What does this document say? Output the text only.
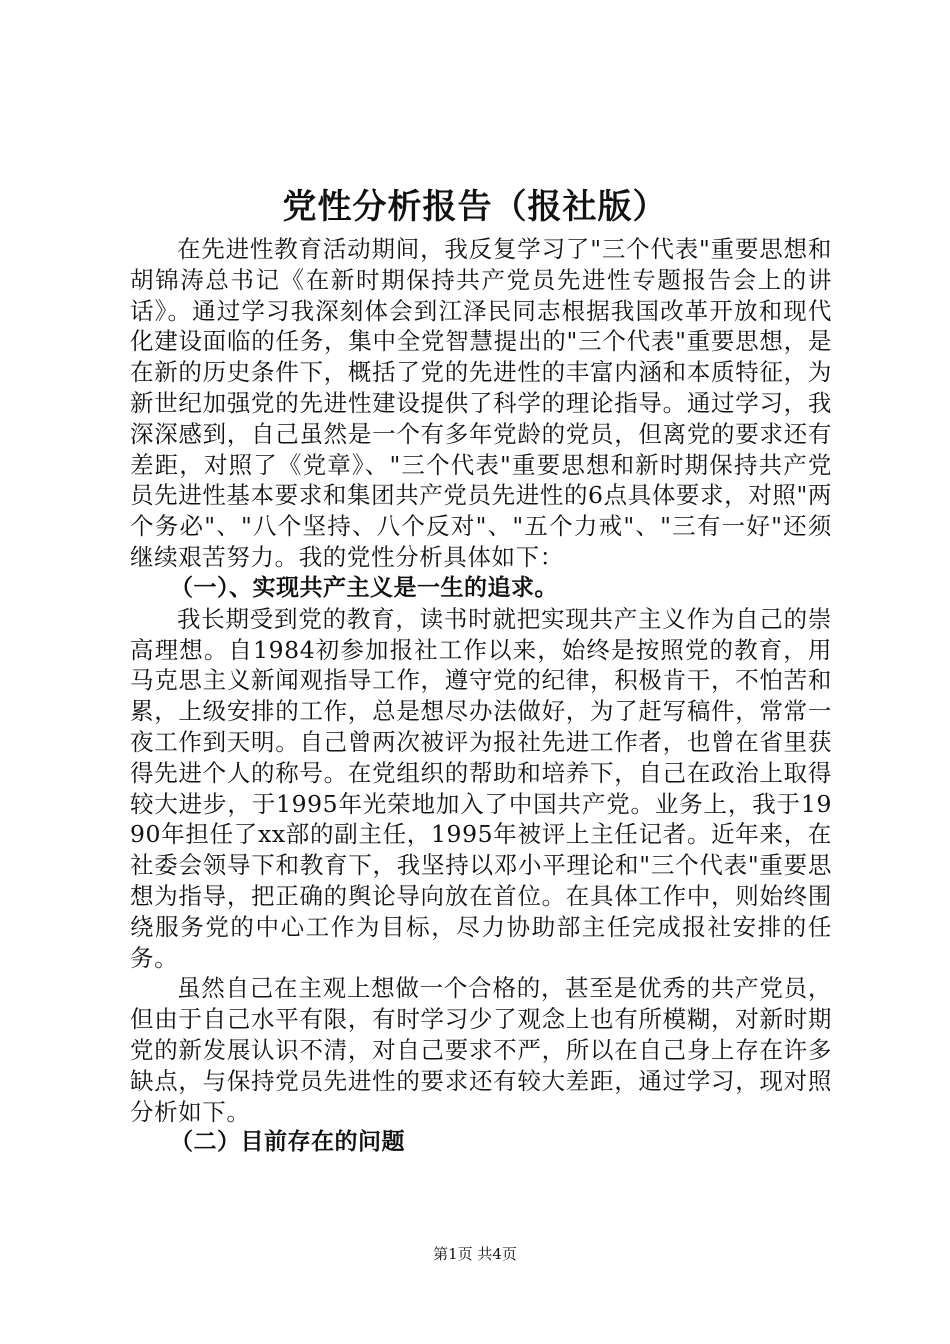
党性分析报告（报社版）

在先进性教育活动期间，我反复学习了"三个代表"重要思想和胡锦涛总书记《在新时期保持共产党员先进性专题报告会上的讲话》。通过学习我深刻体会到江泽民同志根据我国改革开放和现代化建设面临的任务，集中全党智慧提出的"三个代表"重要思想，是在新的历史条件下，概括了党的先进性的丰富内涵和本质特征，为新世纪加强党的先进性建设提供了科学的理论指导。通过学习，我深深感到，自己虽然是一个有多年党龄的党员，但离党的要求还有差距，对照了《党章》、"三个代表"重要思想和新时期保持共产党员先进性基本要求和集团共产党员先进性的6点具体要求，对照"两个务必"、"八个坚持、八个反对"、"五个力戒"、"三有一好"还须继续艰苦努力。我的党性分析具体如下：

（一）、实现共产主义是一生的追求。

我长期受到党的教育，读书时就把实现共产主义作为自己的崇高理想。自1984初参加报社工作以来，始终是按照党的教育，用马克思主义新闻观指导工作，遵守党的纪律，积极肯干，不怕苦和累，上级安排的工作，总是想尽办法做好，为了赶写稿件，常常一夜工作到天明。自己曾两次被评为报社先进工作者，也曾在省里获得先进个人的称号。在党组织的帮助和培养下，自己在政治上取得较大进步，于1995年光荣地加入了中国共产党。业务上，我于1990年担任了xx部的副主任，1995年被评上主任记者。近年来，在社委会领导下和教育下，我坚持以邓小平理论和"三个代表"重要思想为指导，把正确的舆论导向放在首位。在具体工作中，则始终围绕服务党的中心工作为目标，尽力协助部主任完成报社安排的任务。

虽然自己在主观上想做一个合格的，甚至是优秀的共产党员，但由于自己水平有限，有时学习少了观念上也有所模糊，对新时期党的新发展认识不清，对自己要求不严，所以在自己身上存在许多缺点，与保持党员先进性的要求还有较大差距，通过学习，现对照分析如下。

（二）目前存在的问题

第1页 共4页
